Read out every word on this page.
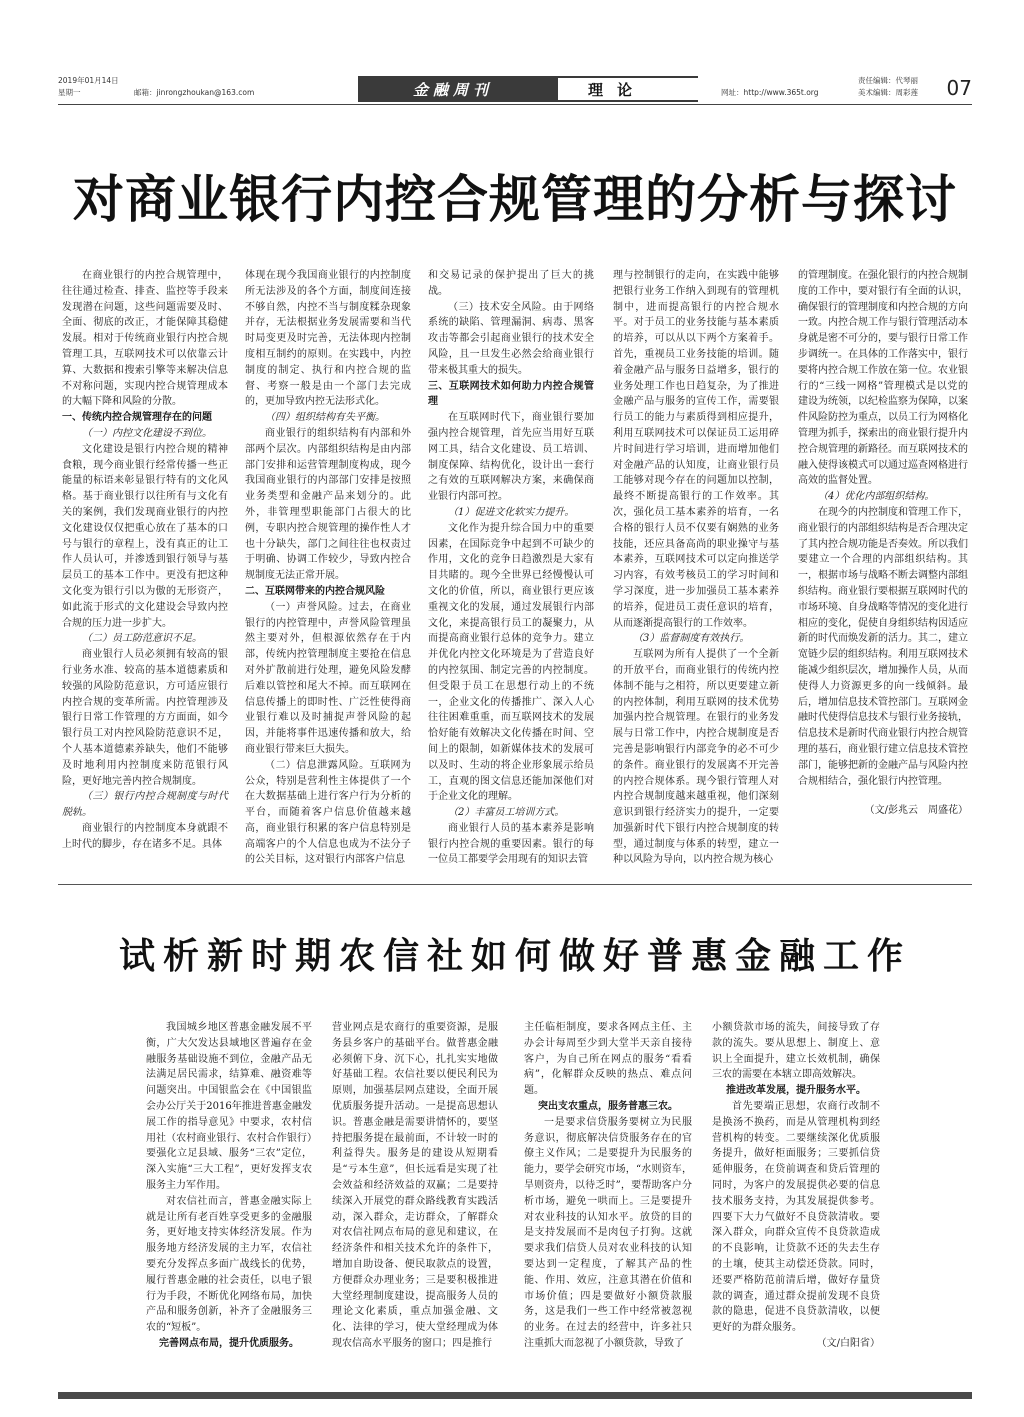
2019年01月14日
星期一	邮箱：jinrongzhoukan@163.com	金融周刊	理论	网址：http://www.365t.org
责任编辑：代琴丽
美术编辑：周彩莲 07
对商业银行内控合规管理的分析与探讨

在商业银行的内控合规管理中，往往通过检查、排查、监控等手段来发现潜在问题，这些问题需要及时、全面、彻底的改正，才能保障其稳健发展。相对于传统商业银行内控合规管理工具，互联网技术可以依靠云计算、大数据和搜索引擎等来解决信息不对称问题，实现内控合规管理成本的大幅下降和风险的分散。

一、传统内控合规管理存在的问题

（一）内控文化建设不到位。

文化建设是银行内控合规的精神食粮，现今商业银行经常传播一些正能量的标语来彰显银行特有的文化风格。基于商业银行以往所有与文化有关的案例，我们发现商业银行的内控文化建设仅仅把重心放在了基本的口号与银行的章程上，没有真正的让工作人员认可，并渗透到银行领导与基层员工的基本工作中。更没有把这种文化变为银行引以为傲的无形资产，如此流于形式的文化建设会导致内控合规的压力进一步扩大。

（二）员工防范意识不足。

商业银行人员必须拥有较高的银行业务水准、较高的基本道德素质和较强的风险防范意识，方可适应银行内控合规的变革所需。内控管理涉及银行日常工作管理的方方面面，如今银行员工对内控风险防范意识不足，个人基本道德素养缺失，他们不能够及时地利用内控制度来防范银行风险，更好地完善内控合规制度。

（三）银行内控合规制度与时代脱轨。

商业银行的内控制度本身就跟不上时代的脚步，存在诸多不足。具体

体现在现今我国商业银行的内控制度所无法涉及的各个方面，制度间连接不够自然，内控不当与制度糅杂现象并存，无法根据业务发展需要和当代时局变更及时完善，无法体现内控制度相互制约的原则。在实践中，内控制度的制定、执行和内控合规的监督、考察一般是由一个部门去完成的，更加导致内控无法形式化。

（四）组织结构有失平衡。

商业银行的组织结构有内部和外部两个层次。内部组织结构是由内部部门安排和运营管理制度构成，现今我国商业银行的内部部门安排是按照业务类型和金融产品来划分的。此外，非管理型职能部门占很大的比例，专职内控合规管理的操作性人才也十分缺失，部门之间往往也权责过于明确、协调工作较少，导致内控合规制度无法正常开展。

二、互联网带来的内控合规风险

（一）声誉风险。过去，在商业银行的内控管理中，声誉风险管理虽然主要对外，但根源依然存在于内部，传统内控管理制度主要抢在信息对外扩散前进行处理，避免风险发酵后难以管控和尾大不掉。而互联网在信息传播上的即时性、广泛性使得商业银行难以及时捕捉声誉风险的起因，并能将事件迅速传播和放大，给商业银行带来巨大损失。

（二）信息泄露风险。互联网为公众，特别是营利性主体提供了一个在大数据基础上进行客户行为分析的平台，而随着客户信息价值越来越高，商业银行积累的客户信息特别是高端客户的个人信息也成为不法分子的公关目标，这对银行内部客户信息

和交易记录的保护提出了巨大的挑战。

（三）技术安全风险。由于网络系统的缺陷、管理漏洞、病毒、黑客攻击等都会引起商业银行的技术安全风险，且一旦发生必然会给商业银行带来极其重大的损失。

三、互联网技术如何助力内控合规管理

在互联网时代下，商业银行要加强内控合规管理，首先应当用好互联网工具，结合文化建设、员工培训、制度保障、结构优化，设计出一套行之有效的互联网解决方案，来确保商业银行内部可控。

（1）促进文化软实力提升。

文化作为提升综合国力中的重要因素，在国际竞争中起到不可缺少的作用，文化的竞争日趋激烈是大家有目共睹的。现今全世界已经慢慢认可文化的价值，所以，商业银行更应该重视文化的发展，通过发展银行内部文化，来提高银行员工的凝聚力，从而提高商业银行总体的竞争力。建立并优化内控文化环境是为了营造良好的内控氛围、制定完善的内控制度。但受限于员工在思想行动上的不统一，企业文化的传播推广、深入人心往往困难重重，而互联网技术的发展恰好能有效解决文化传播在时间、空间上的限制，如新媒体技术的发展可以及时、生动的将企业形象展示给员工，直观的图文信息还能加深他们对于企业文化的理解。

（2）丰富员工培训方式。

商业银行人员的基本素养是影响银行内控合规的重要因素。银行的每一位员工都要学会用现有的知识去管

理与控制银行的走向，在实践中能够把银行业务工作纳入到现有的管理机制中，进而提高银行的内控合规水平。对于员工的业务技能与基本素质的培养，可以从以下两个方案着手。首先，重视员工业务技能的培训。随着金融产品与服务日益增多，银行的业务处理工作也日趋复杂，为了推进金融产品与服务的宣传工作，需要银行员工的能力与素质得到相应提升，利用互联网技术可以保证员工运用碎片时间进行学习培训，进而增加他们对金融产品的认知度，让商业银行员工能够对现今存在的问题加以控制，最终不断提高银行的工作效率。其次，强化员工基本素养的培育，一名合格的银行人员不仅要有娴熟的业务技能，还应具备高尚的职业操守与基本素养，互联网技术可以定向推送学习内容，有效考核员工的学习时间和学习深度，进一步加强员工基本素养的培养，促进员工责任意识的培育，从而逐渐提高银行的工作效率。

（3）监督制度有效执行。

互联网为所有人提供了一个全新的开放平台，而商业银行的传统内控体制不能与之相符，所以更要建立新的内控体制，利用互联网的技术优势加强内控合规管理。在银行的业务发展与日常工作中，内控合规制度是否完善是影响银行内部竞争的必不可少的条件。商业银行的发展离不开完善的内控合规体系。现今银行管理人对内控合规制度越来越重视，他们深刻意识到银行经济实力的提升，一定要加强新时代下银行内控合规制度的转型，通过制度与体系的转型，建立一种以风险为导向，以内控合规为核心

的管理制度。在强化银行的内控合规制度的工作中，要对银行有全面的认识，确保银行的管理制度和内控合规的方向一致。内控合规工作与银行管理活动本身就是密不可分的，要与银行日常工作步调统一。在具体的工作落实中，银行要将内控合规工作放在第一位。农业银行的“三线一网格”管理模式是以党的建设为统领，以纪检监察为保障，以案件风险防控为重点，以员工行为网格化管理为抓手，探索出的商业银行提升内控合规管理的新路径。而互联网技术的融入使得该模式可以通过巡查网格进行高效的监督处置。

（4）优化内部组织结构。

在现今的内控制度和管理工作下，商业银行的内部组织结构是否合理决定了其内控合规功能是否奏效。所以我们要建立一个合理的内部组织结构。其一，根据市场与战略不断去调整内部组织结构。商业银行要根据互联网时代的市场环境、自身战略等情况的变化进行相应的变化，促使自身组织结构因适应新的时代而焕发新的活力。其二，建立宽链少层的组织结构。利用互联网技术能减少组织层次，增加操作人员，从而使得人力资源更多的向一线倾斜。最后，增加信息技术管控部门。互联网金融时代使得信息技术与银行业务接轨，信息技术是新时代商业银行内控合规管理的基石，商业银行建立信息技术管控部门，能够把新的金融产品与风险内控合规相结合，强化银行内控管理。

（文/彭兆云　周盛花）

试析新时期农信社如何做好普惠金融工作

我国城乡地区普惠金融发展不平衡，广大欠发达县域地区普遍存在金融服务基础设施不到位，金融产品无法满足居民需求，结算难、融资难等问题突出。中国银监会在《中国银监会办公厅关于2016年推进普惠金融发展工作的指导意见》中要求，农村信用社（农村商业银行、农村合作银行）要强化立足县域、服务“三农”定位，深入实施“三大工程”，更好发挥支农服务主力军作用。

对农信社而言，普惠金融实际上就是让所有老百姓享受更多的金融服务，更好地支持实体经济发展。作为服务地方经济发展的主力军，农信社要充分发挥点多面广战线长的优势，履行普惠金融的社会责任，以电子银行为手段，不断优化网络布局，加快产品和服务创新，补齐了金融服务三农的“短板”。

完善网点布局，提升优质服务。

营业网点是农商行的重要资源，是服务县乡客户的基础平台。做普惠金融必须俯下身、沉下心，扎扎实实地做好基础工程。农信社要以便民利民为原则，加强基层网点建设，全面开展优质服务提升活动。一是提高思想认识。普惠金融是需要讲情怀的，要坚持把服务提在最前面，不计较一时的利益得失。服务是的建设从短期看是“亏本生意”，但长远看是实现了社会效益和经济效益的双赢；二是要持续深入开展党的群众路线教育实践活动，深入群众，走访群众，了解群众对农信社网点布局的意见和建议，在经济条件和相关技术允许的条件下，增加自助设备、便民取款点的设置，方便群众办理业务；三是要积极推进大堂经理制度建设，提高服务人员的理论文化素质，重点加强金融、文化、法律的学习，使大堂经理成为体现农信高水平服务的窗口；四是推行

主任临柜制度，要求各网点主任、主办会计每周至少到大堂半天亲自接待客户，为自己所在网点的服务“看看病”，化解群众反映的热点、难点问题。

突出支农重点，服务普惠三农。

一是要求信贷服务要树立为民服务意识，彻底解决信贷服务存在的官僚主义作风；二是要提升为民服务的能力，要学会研究市场，“水则资车，旱则资舟，以待乏时”，要帮助客户分析市场，避免一哄而上。三是要提升对农业科技的认知水平。放贷的目的是支持发展而不是肉包子打狗。这就要求我们信贷人员对农业科技的认知要达到一定程度，了解其产品的性能、作用、效应，注意其潜在价值和市场价值；四是要做好小额贷款服务，这是我们一些工作中经常被忽视的业务。在过去的经营中，许多社只注重抓大而忽视了小额贷款，导致了

小额贷款市场的流失，间接导致了存款的流失。要从思想上、制度上、意识上全面提升，建立长效机制，确保三农的需要在本辖立即高效解决。

推进改革发展，提升服务水平。

首先要端正思想，农商行改制不是换汤不换药，而是从管理机构到经营机构的转变。二要继续深化优质服务提升，做好柜面服务；三要抓信贷延伸服务，在贷前调查和贷后管理的同时，为客户的发展提供必要的信息技术服务支持，为其发展提供参考。四要下大力气做好不良贷款清收。要深入群众，向群众宣传不良贷款造成的不良影响，让贷款不还的失去生存的土壤，使其主动偿还贷款。同时，还要严格防范前清后增，做好存量贷款的调查，通过群众提前发现不良贷款的隐患，促进不良贷款清收，以便更好的为群众服务。

（文/白阳省）
